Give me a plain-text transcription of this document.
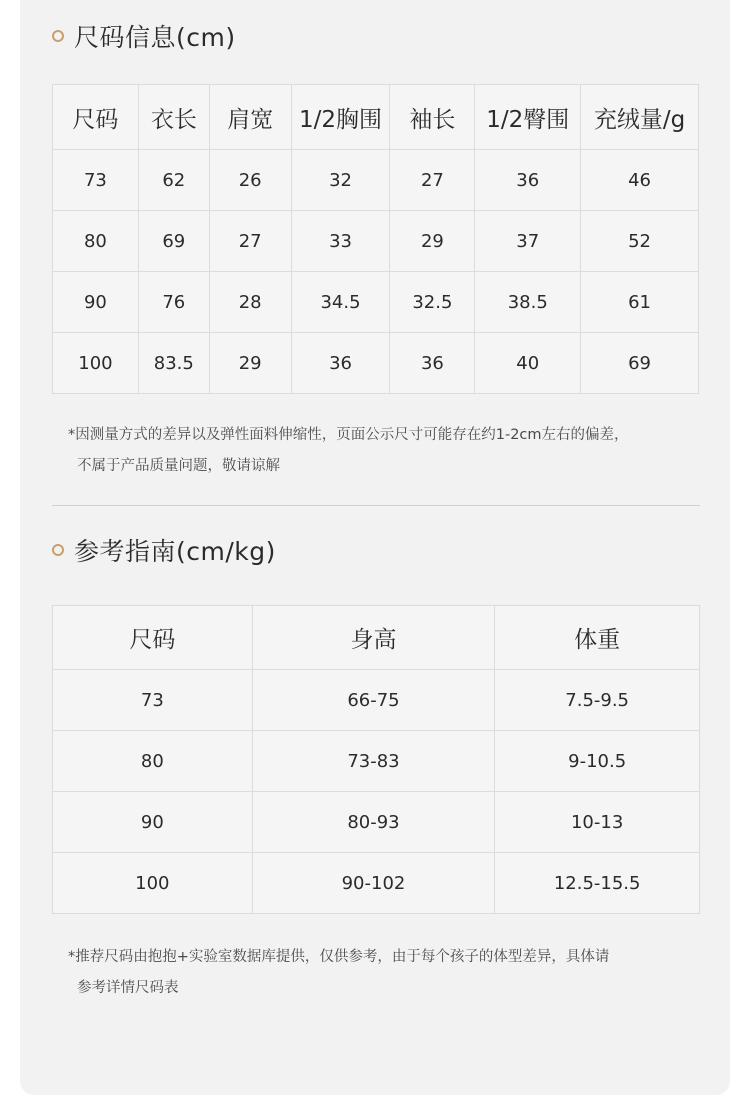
尺码信息(cm)
尺码	衣长	肩宽	1/2胸围	袖长	1/2臀围	充绒量/g
73	62	26	32	27	36	46
80	69	27	33	29	37	52
90	76	28	34.5	32.5	38.5	61
100	83.5	29	36	36	40	69
*因测量方式的差异以及弹性面料伸缩性，页面公示尺寸可能存在约1-2cm左右的偏差，
不属于产品质量问题，敬请谅解
参考指南(cm/kg)
尺码	身高	体重
73	66-75	7.5-9.5
80	73-83	9-10.5
90	80-93	10-13
100	90-102	12.5-15.5
*推荐尺码由抱抱+实验室数据库提供，仅供参考，由于每个孩子的体型差异，具体请
参考详情尺码表
